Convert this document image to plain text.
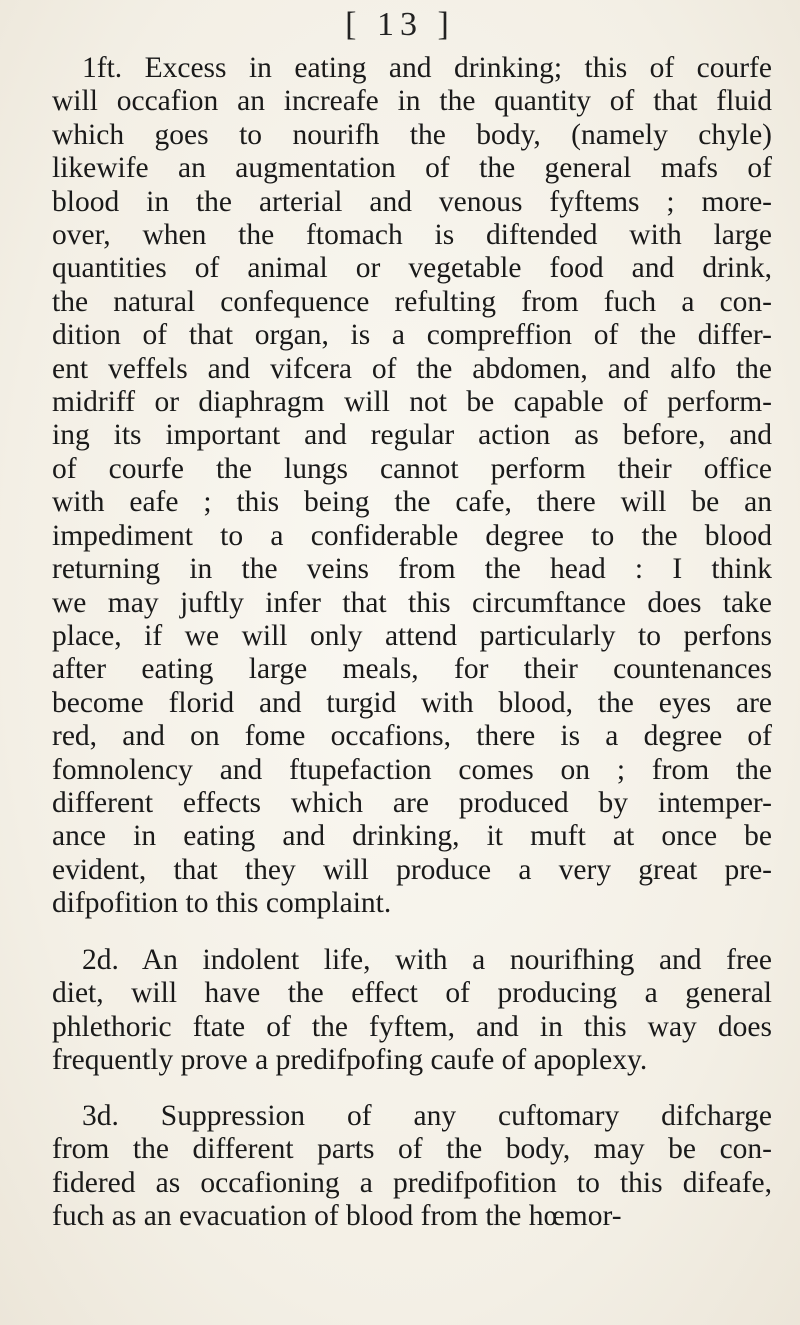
[ 13 ]
1ft. Excess in eating and drinking; this of courfe
will occafion an increafe in the quantity of that fluid
which goes to nourifh the body, (namely chyle)
likewife an augmentation of the general mafs of
blood in the arterial and venous fyftems ; more-
over, when the ftomach is diftended with large
quantities of animal or vegetable food and drink,
the natural confequence refulting from fuch a con-
dition of that organ, is a compreffion of the differ-
ent veffels and vifcera of the abdomen, and alfo the
midriff or diaphragm will not be capable of perform-
ing its important and regular action as before, and
of courfe the lungs cannot perform their office
with eafe ; this being the cafe, there will be an
impediment to a confiderable degree to the blood
returning in the veins from the head : I think
we may juftly infer that this circumftance does take
place, if we will only attend particularly to perfons
after eating large meals, for their countenances
become florid and turgid with blood, the eyes are
red, and on fome occafions, there is a degree of
fomnolency and ftupefaction comes on ; from the
different effects which are produced by intemper-
ance in eating and drinking, it muft at once be
evident, that they will produce a very great pre-
difpofition to this complaint.
2d. An indolent life, with a nourifhing and free
diet, will have the effect of producing a general
phlethoric ftate of the fyftem, and in this way does
frequently prove a predifpofing caufe of apoplexy.
3d. Suppression of any cuftomary difcharge
from the different parts of the body, may be con-
fidered as occafioning a predifpofition to this difeafe,
fuch as an evacuation of blood from the hœmor-
